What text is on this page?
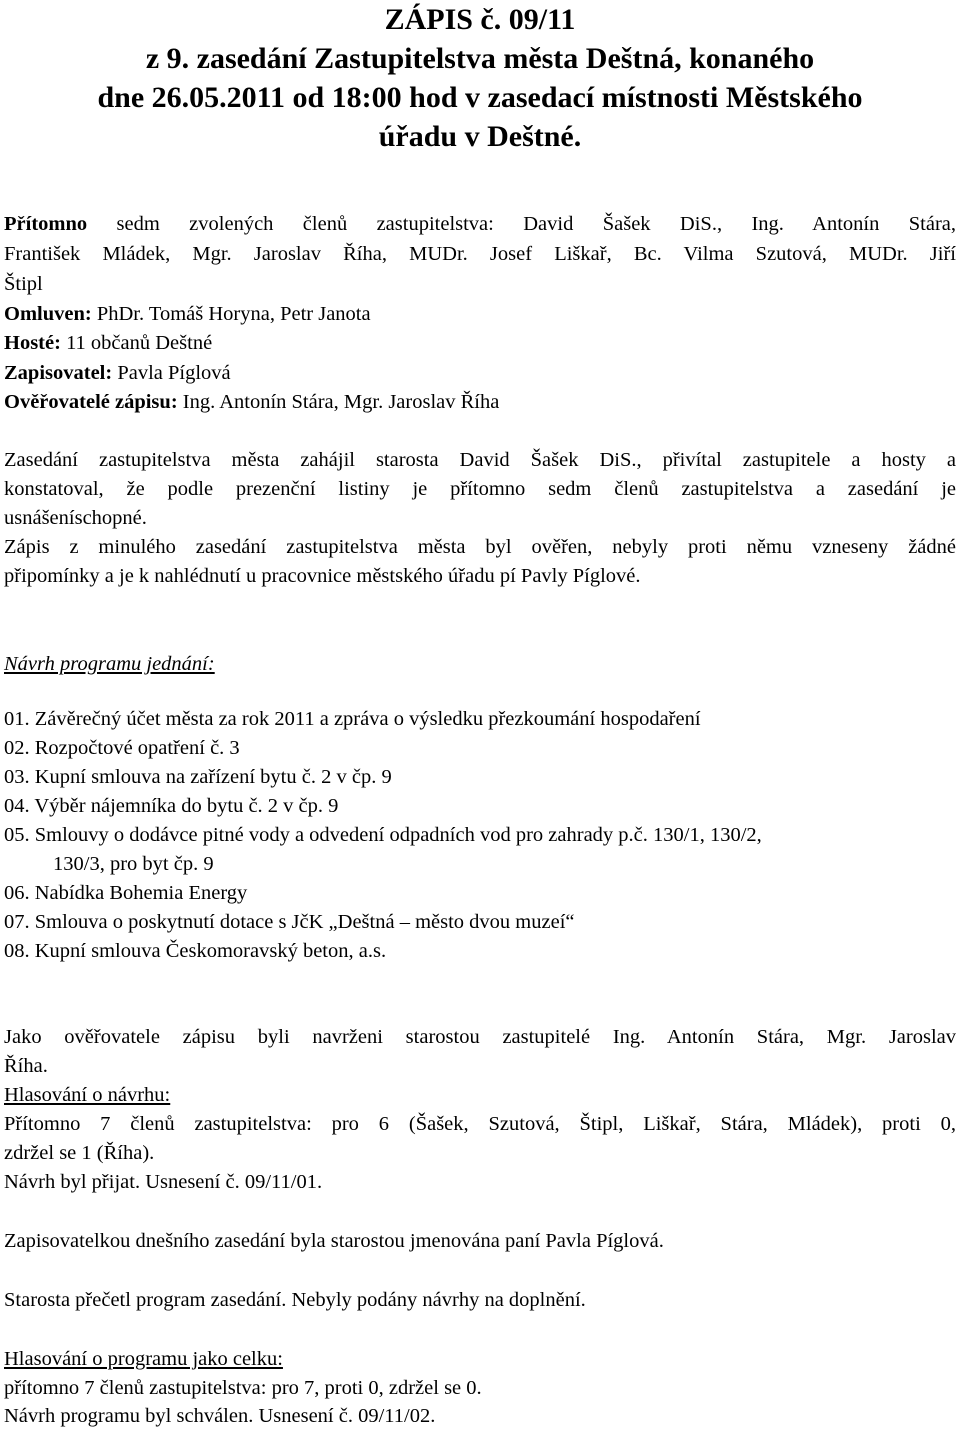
ZÁPIS č. 09/11
z 9. zasedání Zastupitelstva města Deštná, konaného
dne 26.05.2011 od 18:00 hod v zasedací místnosti Městského
úřadu v Deštné.
Přítomno sedm zvolených členů zastupitelstva: David Šašek DiS., Ing. Antonín Stára,
František Mládek, Mgr. Jaroslav Říha, MUDr. Josef Liškař, Bc. Vilma Szutová, MUDr. Jiří
Štipl
Omluven: PhDr. Tomáš Horyna, Petr Janota
Hosté: 11 občanů Deštné
Zapisovatel: Pavla Píglová
Ověřovatelé zápisu: Ing. Antonín Stára, Mgr. Jaroslav Říha
Zasedání zastupitelstva města zahájil starosta David Šašek DiS., přivítal zastupitele a hosty a
konstatoval, že podle prezenční listiny je přítomno sedm členů zastupitelstva a zasedání je
usnášeníschopné.
Zápis z minulého zasedání zastupitelstva města byl ověřen, nebyly proti němu vzneseny žádné
připomínky a je k nahlédnutí u pracovnice městského úřadu pí Pavly Píglové.
Návrh programu jednání:
01. Závěrečný účet města za rok 2011 a zpráva o výsledku přezkoumání hospodaření
02. Rozpočtové opatření č. 3
03. Kupní smlouva na zařízení bytu č. 2 v čp. 9
04. Výběr nájemníka do bytu č. 2 v čp. 9
05. Smlouvy o dodávce pitné vody a odvedení odpadních vod pro zahrady p.č. 130/1, 130/2,
130/3, pro byt čp. 9
06. Nabídka Bohemia Energy
07. Smlouva o poskytnutí dotace s JčK „Deštná – město dvou muzeí“
08. Kupní smlouva Českomoravský beton, a.s.
Jako ověřovatele zápisu byli navrženi starostou zastupitelé Ing. Antonín Stára, Mgr. Jaroslav
Říha.
Hlasování o návrhu:
Přítomno 7 členů zastupitelstva: pro 6 (Šašek, Szutová, Štipl, Liškař, Stára, Mládek), proti 0,
zdržel se 1 (Říha).
Návrh byl přijat. Usnesení č. 09/11/01.
Zapisovatelkou dnešního zasedání byla starostou jmenována paní Pavla Píglová.
Starosta přečetl program zasedání. Nebyly podány návrhy na doplnění.
Hlasování o programu jako celku:
přítomno 7 členů zastupitelstva: pro 7, proti 0, zdržel se 0.
Návrh programu byl schválen. Usnesení č. 09/11/02.
